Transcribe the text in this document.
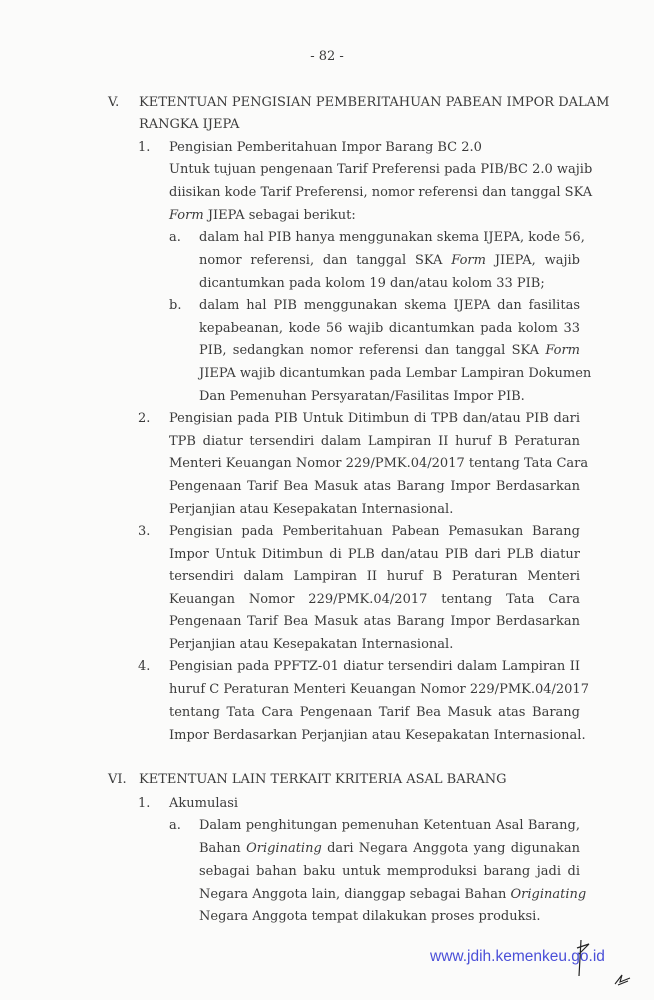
- 82 -
V. KETENTUAN PENGISIAN PEMBERITAHUAN PABEAN IMPOR DALAM
RANGKA IJEPA
1. Pengisian Pemberitahuan Impor Barang BC 2.0
Untuk tujuan pengenaan Tarif Preferensi pada PIB/BC 2.0 wajib
diisikan kode Tarif Preferensi, nomor referensi dan tanggal SKA
Form JIEPA sebagai berikut:
a. dalam hal PIB hanya menggunakan skema IJEPA, kode 56,
nomor referensi, dan tanggal SKA Form JIEPA, wajib
dicantumkan pada kolom 19 dan/atau kolom 33 PIB;
b. dalam hal PIB menggunakan skema IJEPA dan fasilitas
kepabeanan, kode 56 wajib dicantumkan pada kolom 33
PIB, sedangkan nomor referensi dan tanggal SKA Form
JIEPA wajib dicantumkan pada Lembar Lampiran Dokumen
Dan Pemenuhan Persyaratan/Fasilitas Impor PIB.
2. Pengisian pada PIB Untuk Ditimbun di TPB dan/atau PIB dari
TPB diatur tersendiri dalam Lampiran II huruf B Peraturan
Menteri Keuangan Nomor 229/PMK.04/2017 tentang Tata Cara
Pengenaan Tarif Bea Masuk atas Barang Impor Berdasarkan
Perjanjian atau Kesepakatan Internasional.
3. Pengisian pada Pemberitahuan Pabean Pemasukan Barang
Impor Untuk Ditimbun di PLB dan/atau PIB dari PLB diatur
tersendiri dalam Lampiran II huruf B Peraturan Menteri
Keuangan Nomor 229/PMK.04/2017 tentang Tata Cara
Pengenaan Tarif Bea Masuk atas Barang Impor Berdasarkan
Perjanjian atau Kesepakatan Internasional.
4. Pengisian pada PPFTZ-01 diatur tersendiri dalam Lampiran II
huruf C Peraturan Menteri Keuangan Nomor 229/PMK.04/2017
tentang Tata Cara Pengenaan Tarif Bea Masuk atas Barang
Impor Berdasarkan Perjanjian atau Kesepakatan Internasional.
VI. KETENTUAN LAIN TERKAIT KRITERIA ASAL BARANG
1. Akumulasi
a. Dalam penghitungan pemenuhan Ketentuan Asal Barang,
Bahan Originating dari Negara Anggota yang digunakan
sebagai bahan baku untuk memproduksi barang jadi di
Negara Anggota lain, dianggap sebagai Bahan Originating
Negara Anggota tempat dilakukan proses produksi.
www.jdih.kemenkeu.go.id
